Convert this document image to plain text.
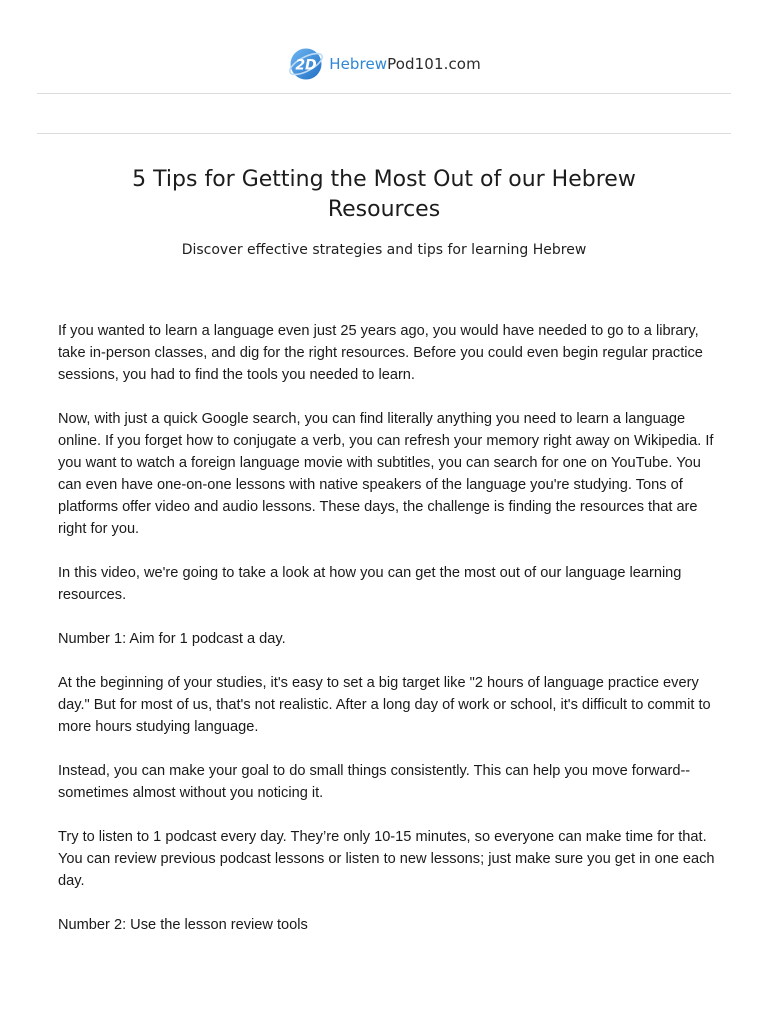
2D HebrewPod101.com
5 Tips for Getting the Most Out of our Hebrew Resources

Discover effective strategies and tips for learning Hebrew

If you wanted to learn a language even just 25 years ago, you would have needed to go to a library, take in-person classes, and dig for the right resources. Before you could even begin regular practice sessions, you had to find the tools you needed to learn.

Now, with just a quick Google search, you can find literally anything you need to learn a language online. If you forget how to conjugate a verb, you can refresh your memory right away on Wikipedia. If you want to watch a foreign language movie with subtitles, you can search for one on YouTube. You can even have one-on-one lessons with native speakers of the language you're studying. Tons of platforms offer video and audio lessons. These days, the challenge is finding the resources that are right for you.

In this video, we're going to take a look at how you can get the most out of our language learning resources.

Number 1: Aim for 1 podcast a day.

At the beginning of your studies, it's easy to set a big target like "2 hours of language practice every day." But for most of us, that's not realistic. After a long day of work or school, it's difficult to commit to more hours studying language.

Instead, you can make your goal to do small things consistently. This can help you move forward--sometimes almost without you noticing it.

Try to listen to 1 podcast every day. They’re only 10-15 minutes, so everyone can make time for that. You can review previous podcast lessons or listen to new lessons; just make sure you get in one each day.

Number 2: Use the lesson review tools
